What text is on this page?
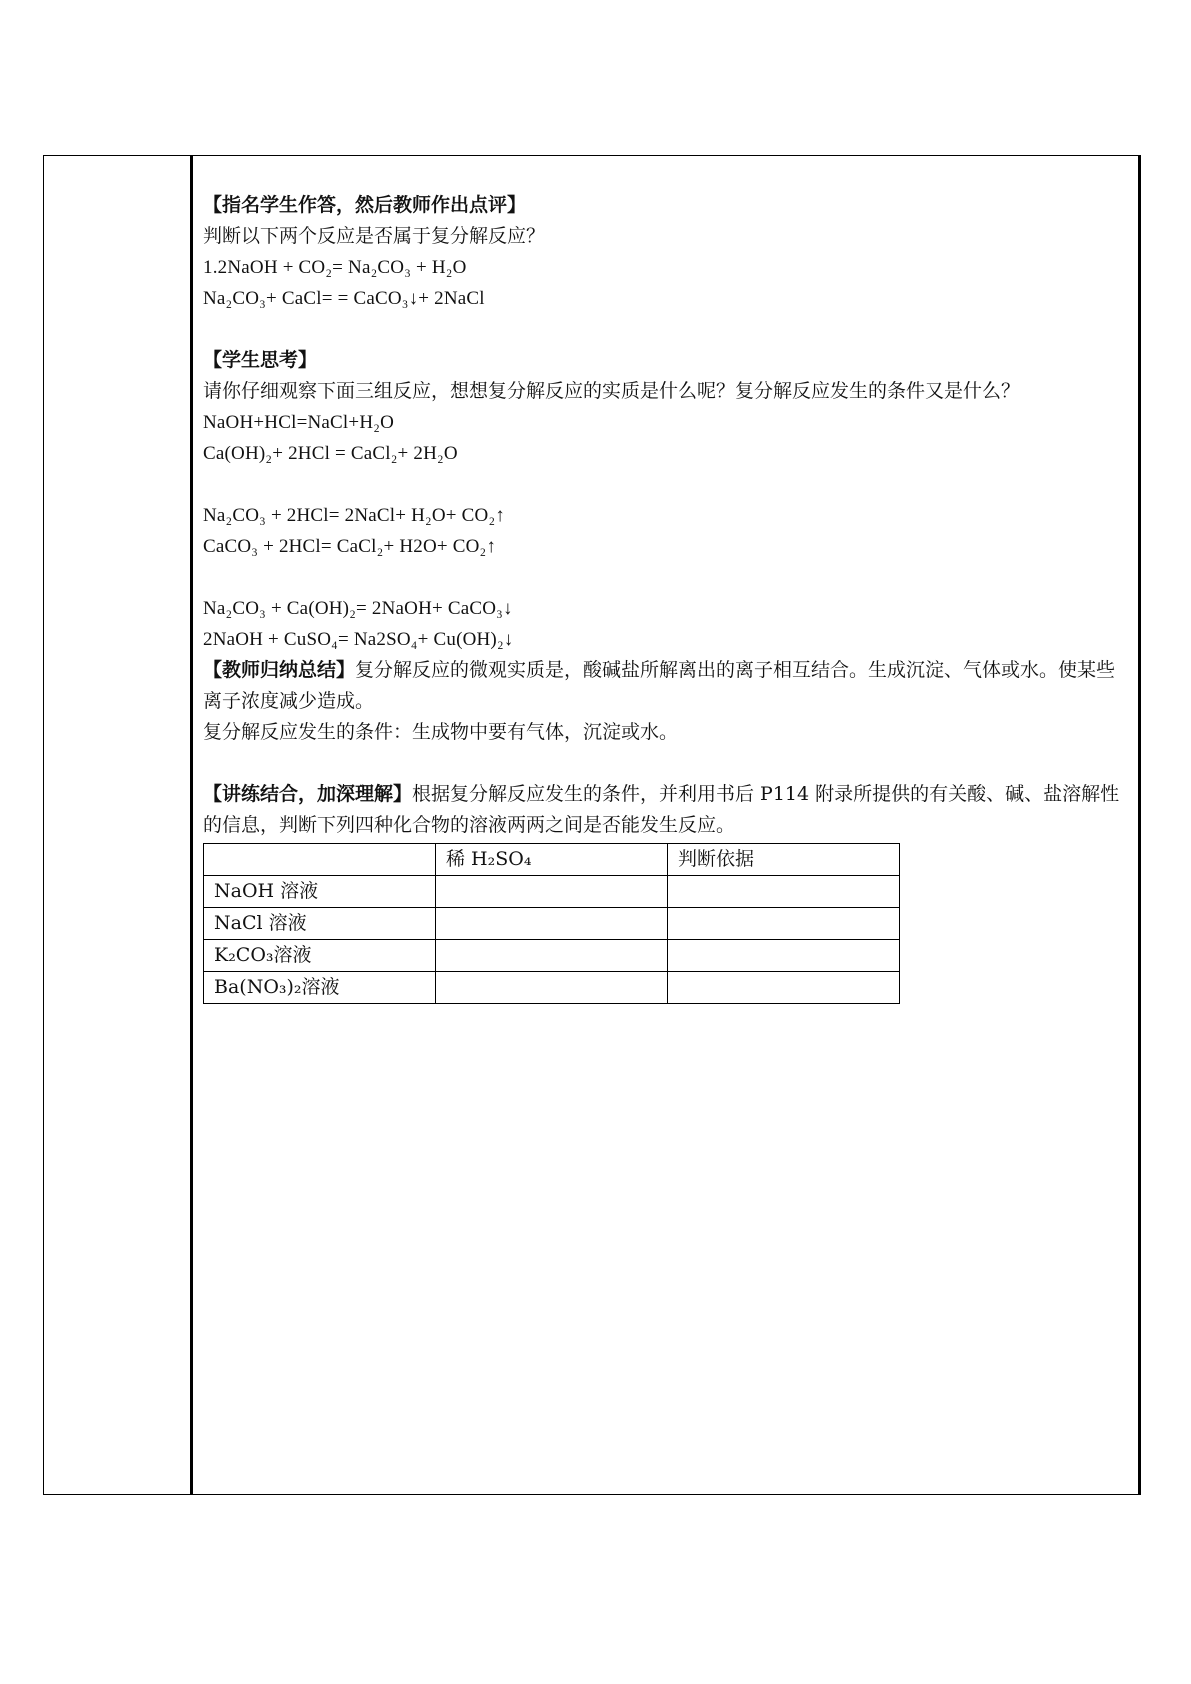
【指名学生作答，然后教师作出点评】
判断以下两个反应是否属于复分解反应？
1.2NaOH + CO₂= Na₂CO₃ + H₂O
Na₂CO₃+ CaCl= = CaCO₃↓+ 2NaCl
【学生思考】
请你仔细观察下面三组反应，想想复分解反应的实质是什么呢？复分解反应发生的条件又是什么？
NaOH+HCl=NaCl+H₂O
Ca(OH)₂+ 2HCl = CaCl₂+ 2H₂O
Na₂CO₃ + 2HCl= 2NaCl+ H₂O+ CO₂↑
CaCO₃ + 2HCl= CaCl₂+ H2O+ CO₂↑
Na₂CO₃ + Ca(OH)₂= 2NaOH+ CaCO₃↓
2NaOH + CuSO₄= Na2SO₄+ Cu(OH)₂↓
【教师归纳总结】复分解反应的微观实质是，酸碱盐所解离出的离子相互结合。生成沉淀、气体或水。使某些离子浓度减少造成。
复分解反应发生的条件：生成物中要有气体，沉淀或水。
【讲练结合，加深理解】根据复分解反应发生的条件，并利用书后 P114 附录所提供的有关酸、碱、盐溶解性的信息，判断下列四种化合物的溶液两两之间是否能发生反应。
	稀 H₂SO₄	判断依据
NaOH 溶液		
NaCl 溶液		
K₂CO₃溶液		
Ba(NO₃)₂溶液		
